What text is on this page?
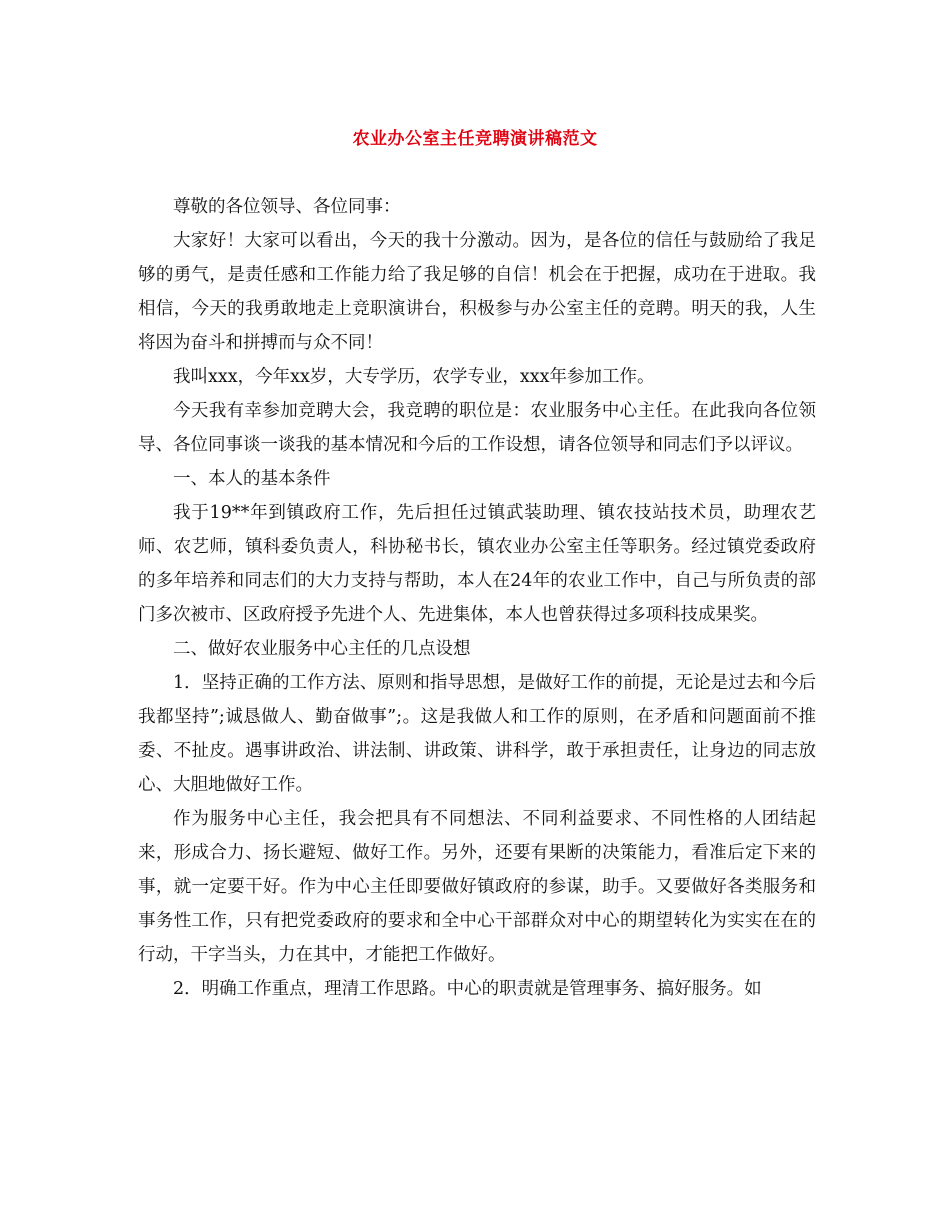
农业办公室主任竞聘演讲稿范文

尊敬的各位领导、各位同事：

大家好！大家可以看出，今天的我十分激动。因为，是各位的信任与鼓励给了我足够的勇气，是责任感和工作能力给了我足够的自信！机会在于把握，成功在于进取。我相信，今天的我勇敢地走上竞职演讲台，积极参与办公室主任的竞聘。明天的我，人生将因为奋斗和拼搏而与众不同！

我叫xxx，今年xx岁，大专学历，农学专业，xxx年参加工作。

今天我有幸参加竞聘大会，我竞聘的职位是：农业服务中心主任。在此我向各位领导、各位同事谈一谈我的基本情况和今后的工作设想，请各位领导和同志们予以评议。

一、本人的基本条件

我于19**年到镇政府工作，先后担任过镇武装助理、镇农技站技术员，助理农艺师、农艺师，镇科委负责人，科协秘书长，镇农业办公室主任等职务。经过镇党委政府的多年培养和同志们的大力支持与帮助，本人在24年的农业工作中，自己与所负责的部门多次被市、区政府授予先进个人、先进集体，本人也曾获得过多项科技成果奖。

二、做好农业服务中心主任的几点设想

1．坚持正确的工作方法、原则和指导思想，是做好工作的前提，无论是过去和今后我都坚持”;诚恳做人、勤奋做事”;。这是我做人和工作的原则，在矛盾和问题面前不推委、不扯皮。遇事讲政治、讲法制、讲政策、讲科学，敢于承担责任，让身边的同志放心、大胆地做好工作。

作为服务中心主任，我会把具有不同想法、不同利益要求、不同性格的人团结起来，形成合力、扬长避短、做好工作。另外，还要有果断的决策能力，看准后定下来的事，就一定要干好。作为中心主任即要做好镇政府的参谋，助手。又要做好各类服务和事务性工作，只有把党委政府的要求和全中心干部群众对中心的期望转化为实实在在的行动，干字当头，力在其中，才能把工作做好。

2．明确工作重点，理清工作思路。中心的职责就是管理事务、搞好服务。如
